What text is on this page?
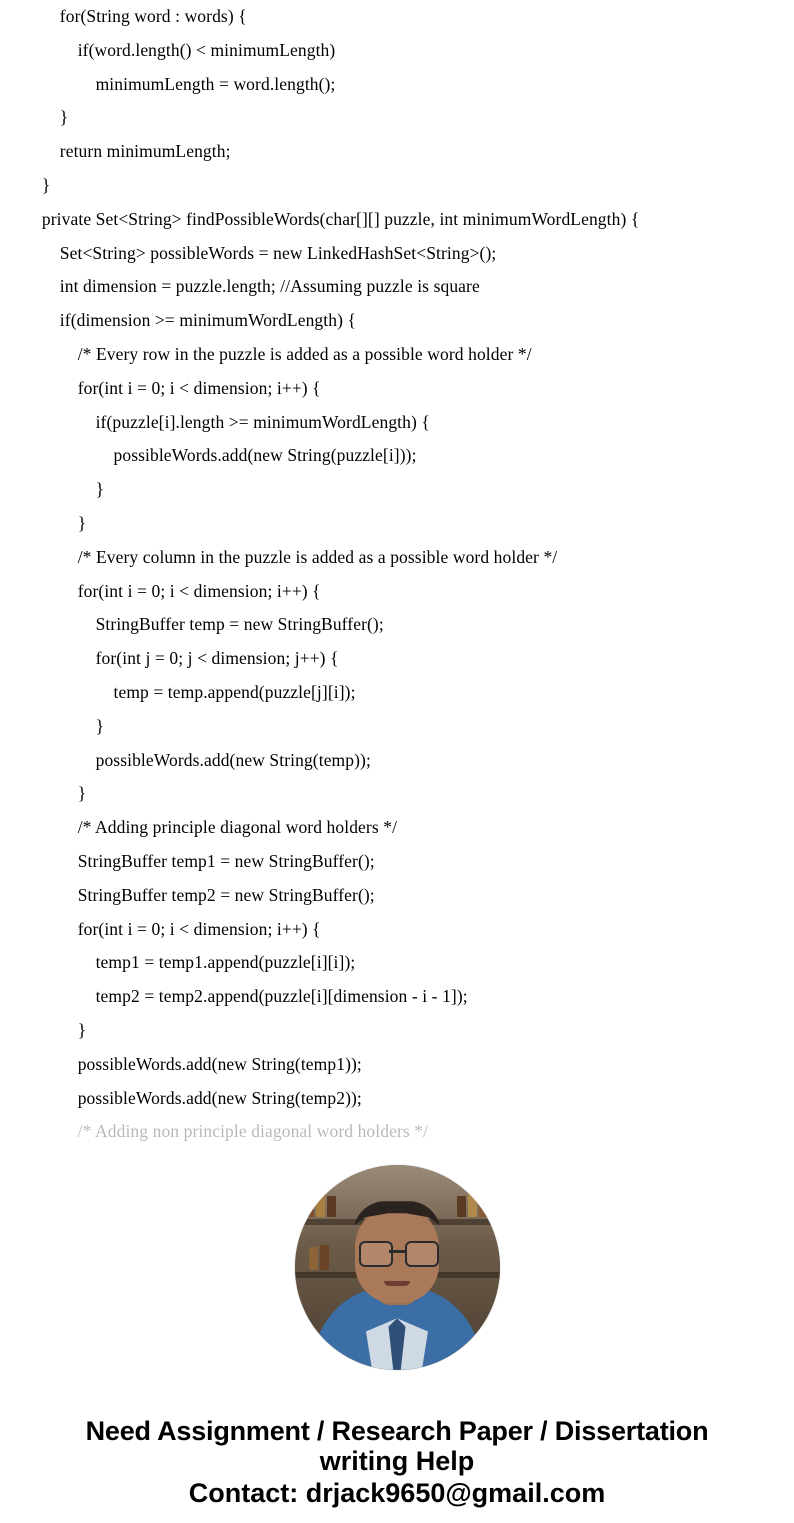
for(String word : words) {
if(word.length() < minimumLength)
minimumLength = word.length();
}
return minimumLength;
}
private Set<String> findPossibleWords(char[][] puzzle, int minimumWordLength) {
Set<String> possibleWords = new LinkedHashSet<String>();
int dimension = puzzle.length; //Assuming puzzle is square
if(dimension >= minimumWordLength) {
/* Every row in the puzzle is added as a possible word holder */
for(int i = 0; i < dimension; i++) {
if(puzzle[i].length >= minimumWordLength) {
possibleWords.add(new String(puzzle[i]));
}
}
/* Every column in the puzzle is added as a possible word holder */
for(int i = 0; i < dimension; i++) {
StringBuffer temp = new StringBuffer();
for(int j = 0; j < dimension; j++) {
temp = temp.append(puzzle[j][i]);
}
possibleWords.add(new String(temp));
}
/* Adding principle diagonal word holders */
StringBuffer temp1 = new StringBuffer();
StringBuffer temp2 = new StringBuffer();
for(int i = 0; i < dimension; i++) {
temp1 = temp1.append(puzzle[i][i]);
temp2 = temp2.append(puzzle[i][dimension - i - 1]);
}
possibleWords.add(new String(temp1));
possibleWords.add(new String(temp2));
/* Adding non principle diagonal word holders */
Need Assignment / Research Paper / Dissertation
writing Help
Contact: drjack9650@gmail.com
